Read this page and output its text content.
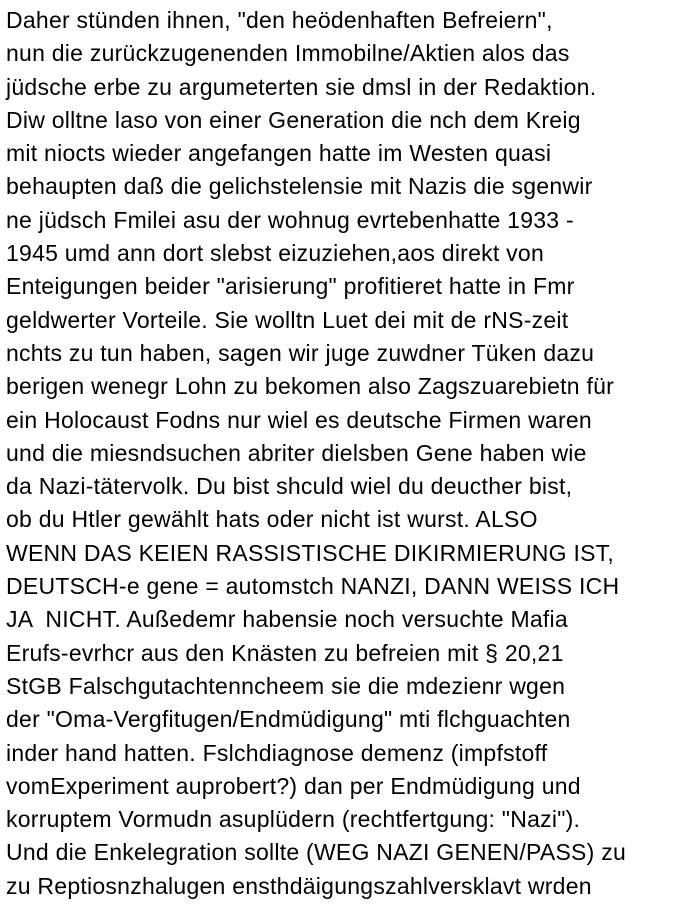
Daher stünden ihnen, "den heödenhaften Befreiern",
nun die zurückzugenenden Immobilne/Aktien alos das
jüdsche erbe zu argumeterten sie dmsl in der Redaktion.
Diw olltne laso von einer Generation die nch dem Kreig
mit niocts wieder angefangen hatte im Westen quasi
behaupten daß die gelichstelensie mit Nazis die sgenwir
ne jüdsch Fmilei asu der wohnug evrtebenhatte 1933 -
1945 umd ann dort slebst eizuziehen,aos direkt von
Enteigungen beider "arisierung" profitieret hatte in Fmr
geldwerter Vorteile. Sie wolltn Luet dei mit de rNS-zeit
nchts zu tun haben, sagen wir juge zuwdner Tüken dazu
berigen wenegr Lohn zu bekomen also Zagszuarebietn für
ein Holocaust Fodns nur wiel es deutsche Firmen waren
und die miesndsuchen abriter dielsben Gene haben wie
da Nazi-tätervolk. Du bist shculd wiel du deucther bist,
ob du Htler gewählt hats oder nicht ist wurst. ALSO
WENN DAS KEIEN RASSISTISCHE DIKIRMIERUNG IST,
DEUTSCH-e gene = automstch NANZI, DANN WEISS ICH
JA  NICHT. Außedemr habensie noch versuchte Mafia
Erufs-evrhcr aus den Knästen zu befreien mit § 20,21
StGB Falschgutachtenncheem sie die mdezienr wgen
der "Oma-Vergfitugen/Endmüdigung" mti flchguachten
inder hand hatten. Fslchdiagnose demenz (impfstoff
vomExperiment auprobert?) dan per Endmüdigung und
korruptem Vormudn asuplüdern (rechtfertgung: "Nazi").
Und die Enkelegration sollte (WEG NAZI GENEN/PASS) zu
zu Reptiosnzhalugen ensthdäigungszahlversklavt wrden
